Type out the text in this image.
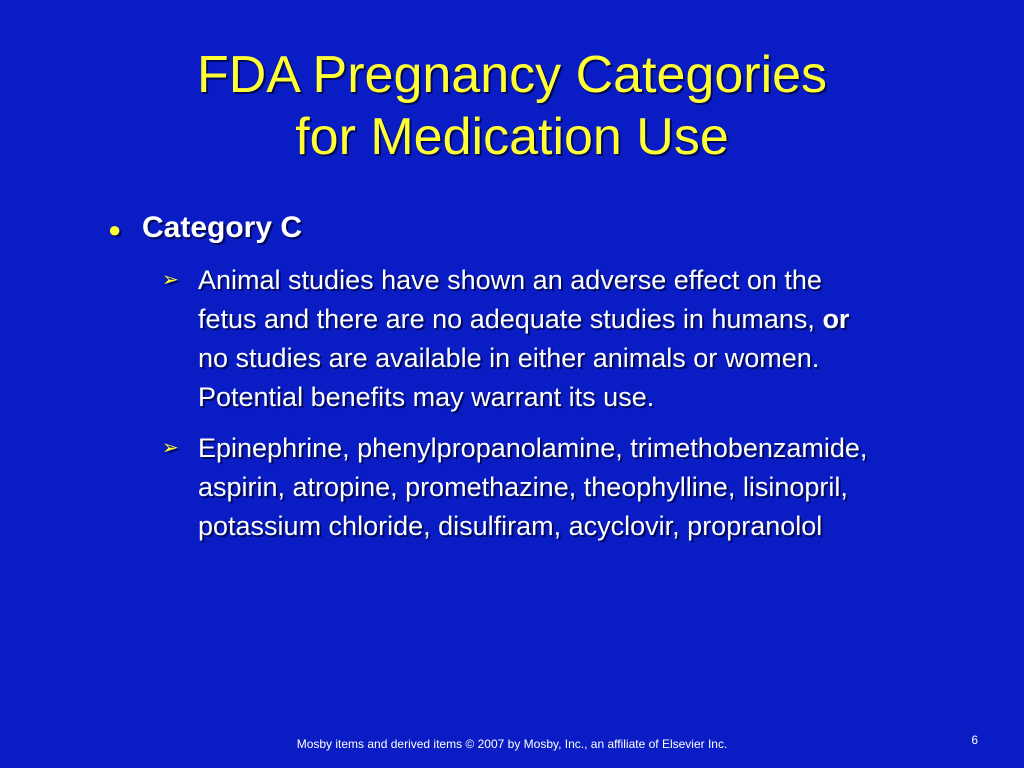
FDA Pregnancy Categories
for Medication Use
● Category C
➢ Animal studies have shown an adverse effect on the fetus and there are no adequate studies in humans, or no studies are available in either animals or women. Potential benefits may warrant its use.
➢ Epinephrine, phenylpropanolamine, trimethobenzamide, aspirin, atropine, promethazine, theophylline, lisinopril, potassium chloride, disulfiram, acyclovir, propranolol
Mosby items and derived items © 2007 by Mosby, Inc., an affiliate of Elsevier Inc.	6
